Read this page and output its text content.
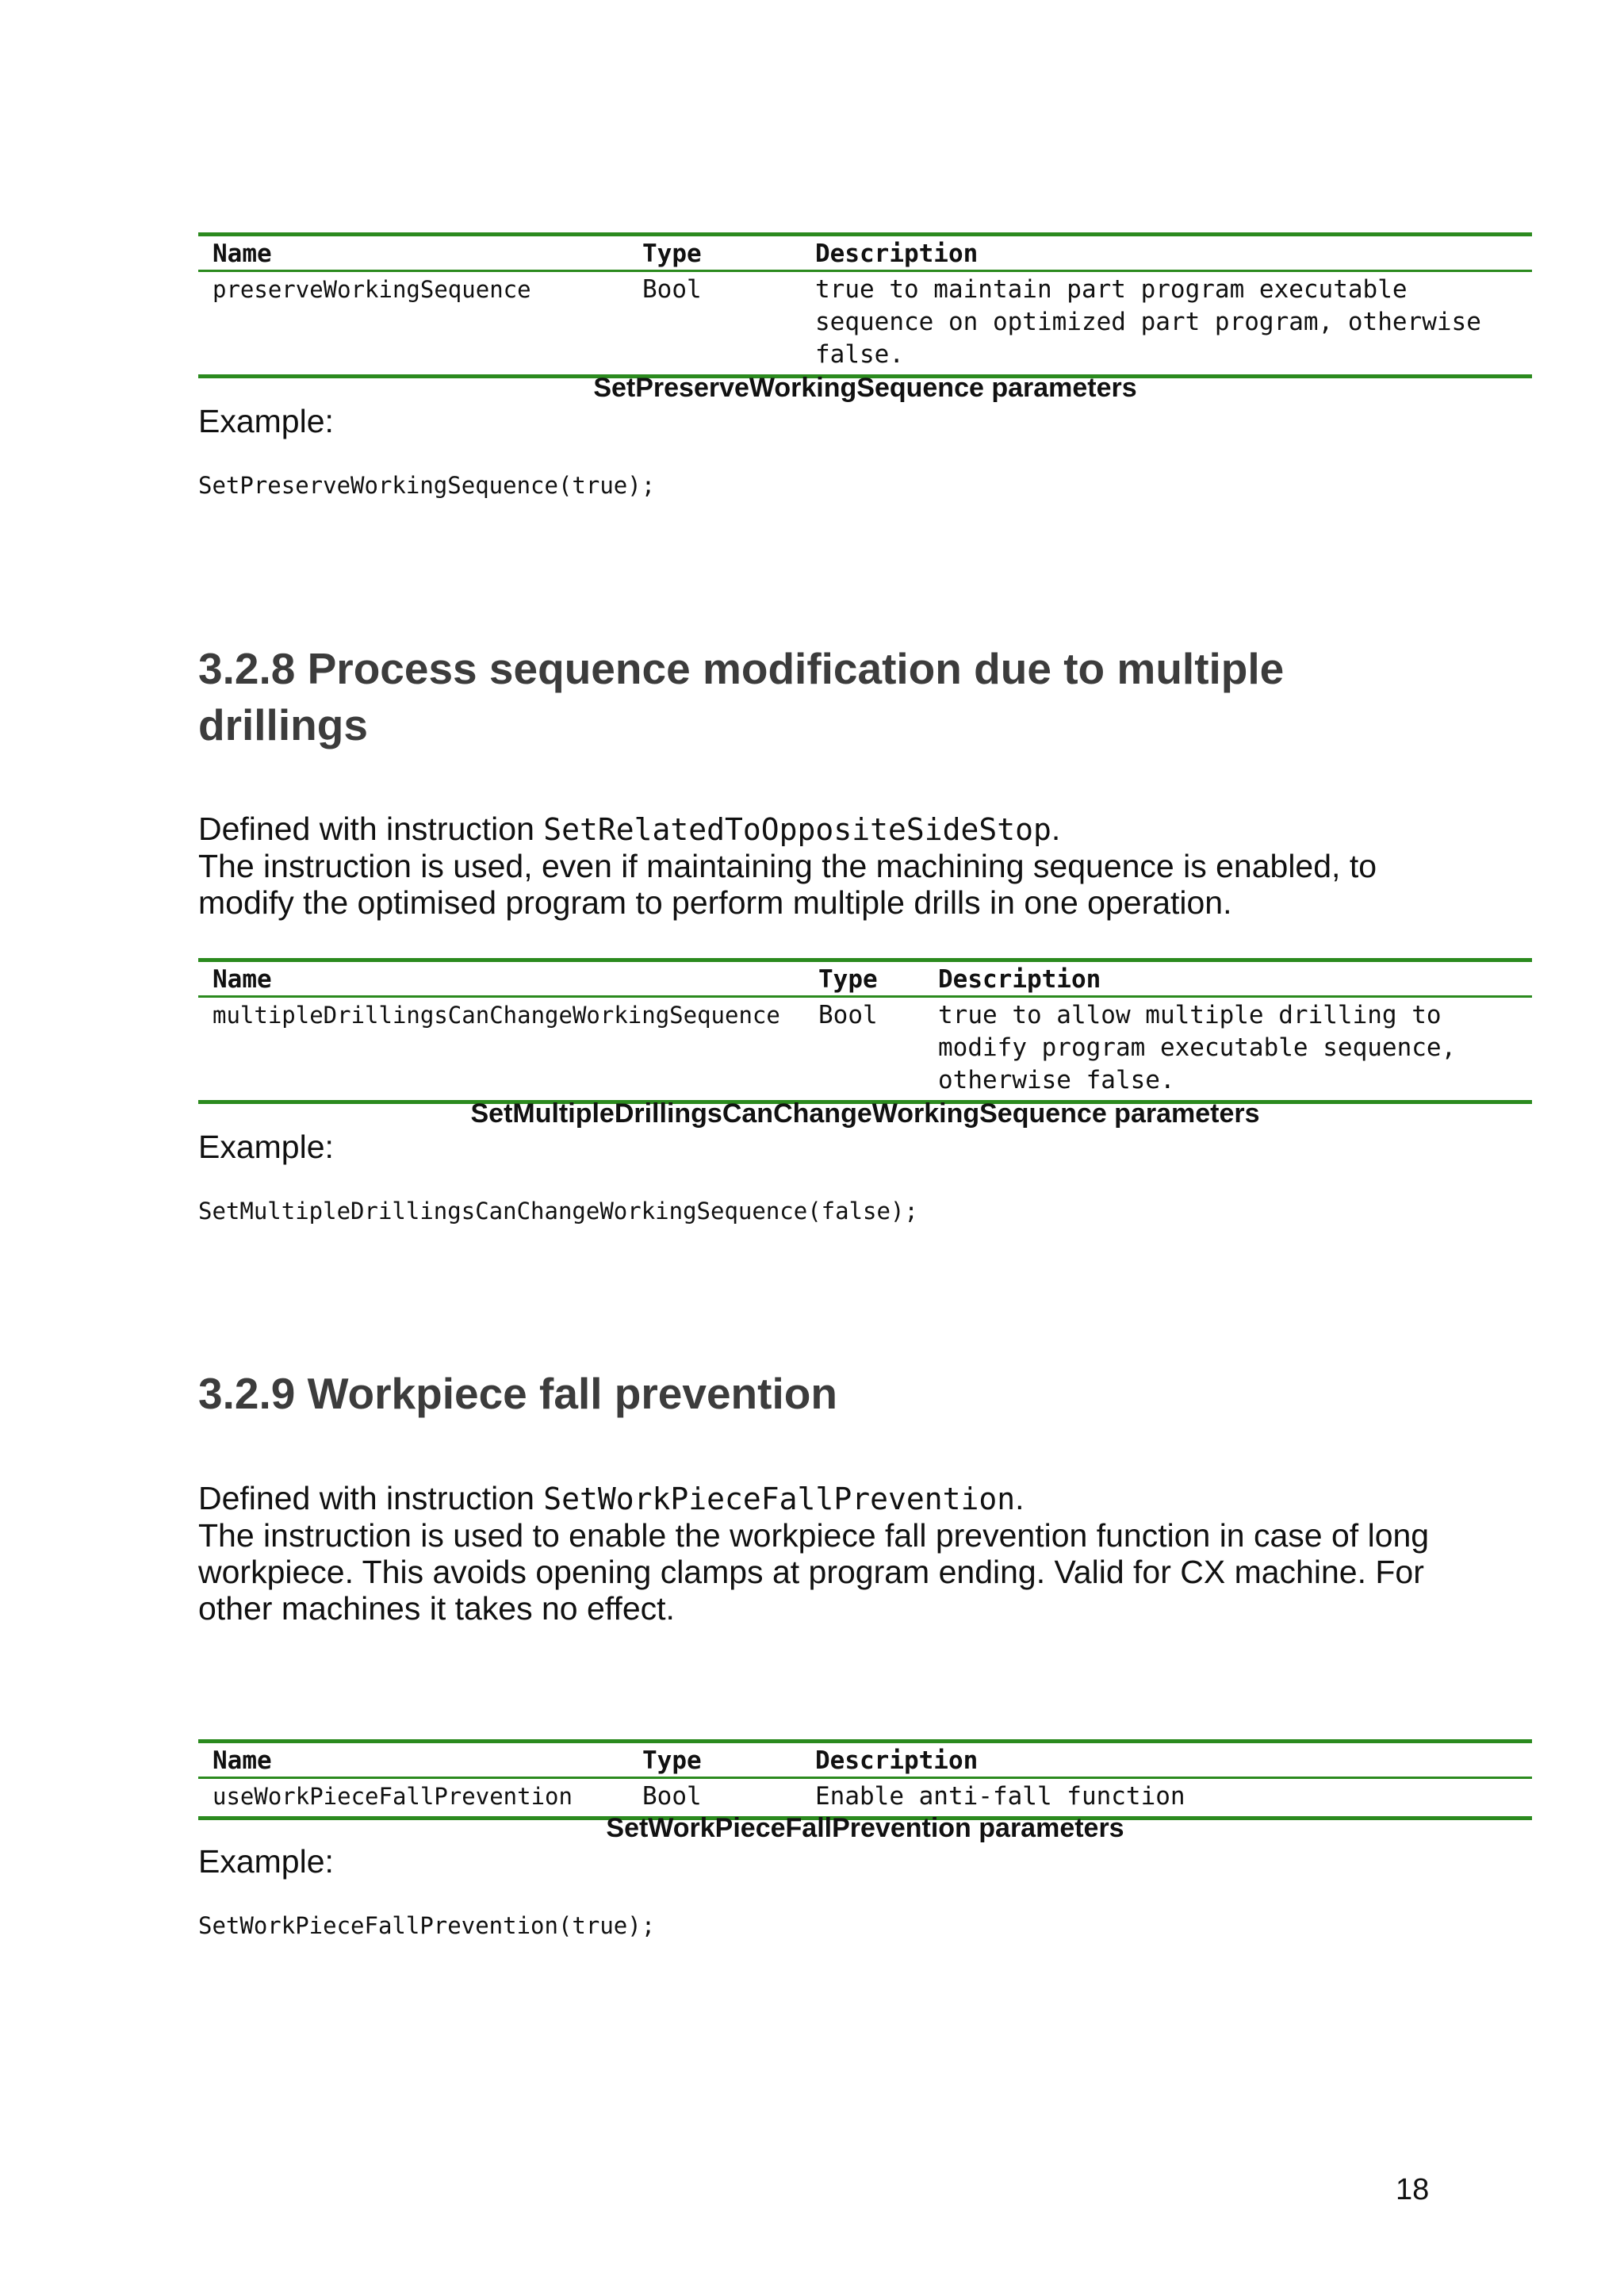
Name	Type	Description
preserveWorkingSequence	Bool	true to maintain part program executable sequence on optimized part program, otherwise false.
SetPreserveWorkingSequence parameters
Example:
SetPreserveWorkingSequence(true);
3.2.8 Process sequence modification due to multiple drillings

Defined with instruction SetRelatedToOppositeSideStop.
The instruction is used, even if maintaining the machining sequence is enabled, to modify the optimised program to perform multiple drills in one operation.

Name	Type	Description
multipleDrillingsCanChangeWorkingSequence	Bool	true to allow multiple drilling to modify program executable sequence, otherwise false.
SetMultipleDrillingsCanChangeWorkingSequence parameters
Example:
SetMultipleDrillingsCanChangeWorkingSequence(false);
3.2.9 Workpiece fall prevention

Defined with instruction SetWorkPieceFallPrevention.
The instruction is used to enable the workpiece fall prevention function in case of long workpiece. This avoids opening clamps at program ending. Valid for CX machine. For other machines it takes no effect.

Name	Type	Description
useWorkPieceFallPrevention	Bool	Enable anti-fall function
SetWorkPieceFallPrevention parameters
Example:
SetWorkPieceFallPrevention(true);
18
